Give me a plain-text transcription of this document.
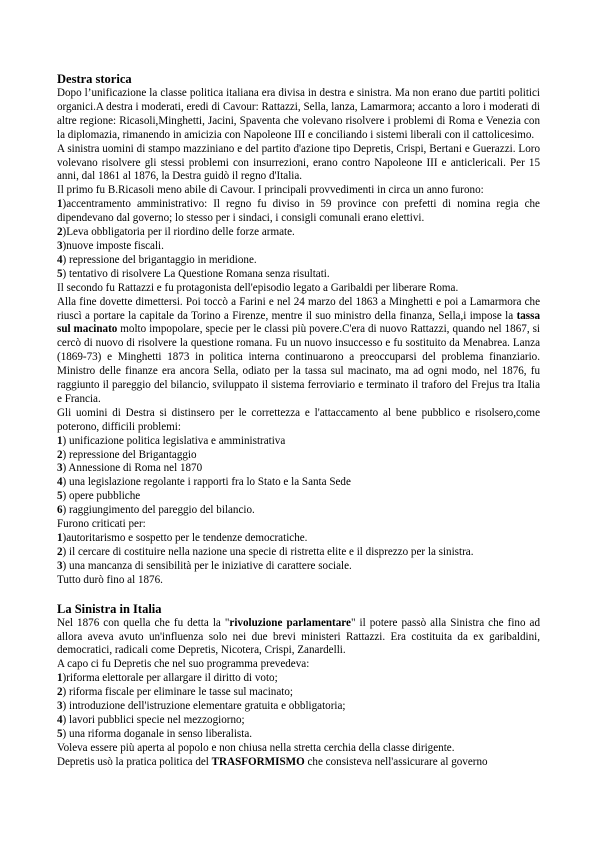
Destra storica

Dopo l’unificazione la classe politica italiana era divisa in destra e sinistra. Ma non erano due partiti politici organici.A destra i moderati, eredi di Cavour: Rattazzi, Sella, lanza, Lamarmora; accanto a loro i moderati di altre regione: Ricasoli,Minghetti, Jacini, Spaventa che volevano risolvere i problemi di Roma e Venezia con la diplomazia, rimanendo in amicizia con Napoleone III e conciliando i sistemi liberali con il cattolicesimo.

A sinistra uomini di stampo mazziniano e del partito d'azione tipo Depretis, Crispi, Bertani e Guerazzi. Loro volevano risolvere gli stessi problemi con insurrezioni, erano contro Napoleone III e anticlericali. Per 15 anni, dal 1861 al 1876, la Destra guidò il regno d'Italia.

Il primo fu B.Ricasoli meno abile di Cavour. I principali provvedimenti in circa un anno furono:

1)accentramento amministrativo: Il regno fu diviso in 59 province con prefetti di nomina regia che dipendevano dal governo; lo stesso per i sindaci, i consigli comunali erano elettivi.

2)Leva obbligatoria per il riordino delle forze armate.

3)nuove imposte fiscali.

4) repressione del brigantaggio in meridione.

5) tentativo di risolvere La Questione Romana senza risultati.

Il secondo fu Rattazzi e fu protagonista dell'episodio legato a Garibaldi per liberare Roma.

Alla fine dovette dimettersi. Poi toccò a Farini e nel 24 marzo del 1863 a Minghetti e poi a Lamarmora che riuscì a portare la capitale da Torino a Firenze, mentre il suo ministro della finanza, Sella,i impose la tassa sul macinato molto impopolare, specie per le classi più povere.C'era di nuovo Rattazzi, quando nel 1867, si cercò di nuovo di risolvere la questione romana. Fu un nuovo insuccesso e fu sostituito da Menabrea. Lanza (1869-73) e Minghetti 1873 in politica interna continuarono a preoccuparsi del problema finanziario. Ministro delle finanze era ancora Sella, odiato per la tassa sul macinato, ma ad ogni modo, nel 1876, fu raggiunto il pareggio del bilancio, sviluppato il sistema ferroviario e terminato il traforo del Frejus tra Italia e Francia.

Gli uomini di Destra si distinsero per le correttezza e l'attaccamento al bene pubblico e risolsero,come poterono, difficili problemi:

1) unificazione politica legislativa e amministrativa

2) repressione del Brigantaggio

3) Annessione di Roma nel 1870

4) una legislazione regolante i rapporti fra lo Stato e la Santa Sede

5) opere pubbliche

6) raggiungimento del pareggio del bilancio.

Furono criticati per:

1)autoritarismo e sospetto per le tendenze democratiche.

2) il cercare di costituire nella nazione una specie di ristretta elite e il disprezzo per la sinistra.

3) una mancanza di sensibilità per le iniziative di carattere sociale.

Tutto durò fino al 1876.

La Sinistra in Italia

Nel 1876 con quella che fu detta la "rivoluzione parlamentare" il potere passò alla Sinistra che fino ad allora aveva avuto un'influenza solo nei due brevi ministeri Rattazzi. Era costituita da ex garibaldini, democratici, radicali come Depretis, Nicotera, Crispi, Zanardelli.

A capo ci fu Depretis che nel suo programma prevedeva:

1)riforma elettorale per allargare il diritto di voto;

2) riforma fiscale per eliminare le tasse sul macinato;

3) introduzione dell'istruzione elementare gratuita e obbligatoria;

4) lavori pubblici specie nel mezzogiorno;

5) una riforma doganale in senso liberalista.

Voleva essere più aperta al popolo e non chiusa nella stretta cerchia della classe dirigente.

Depretis usò la pratica politica del TRASFORMISMO che consisteva nell'assicurare al governo
